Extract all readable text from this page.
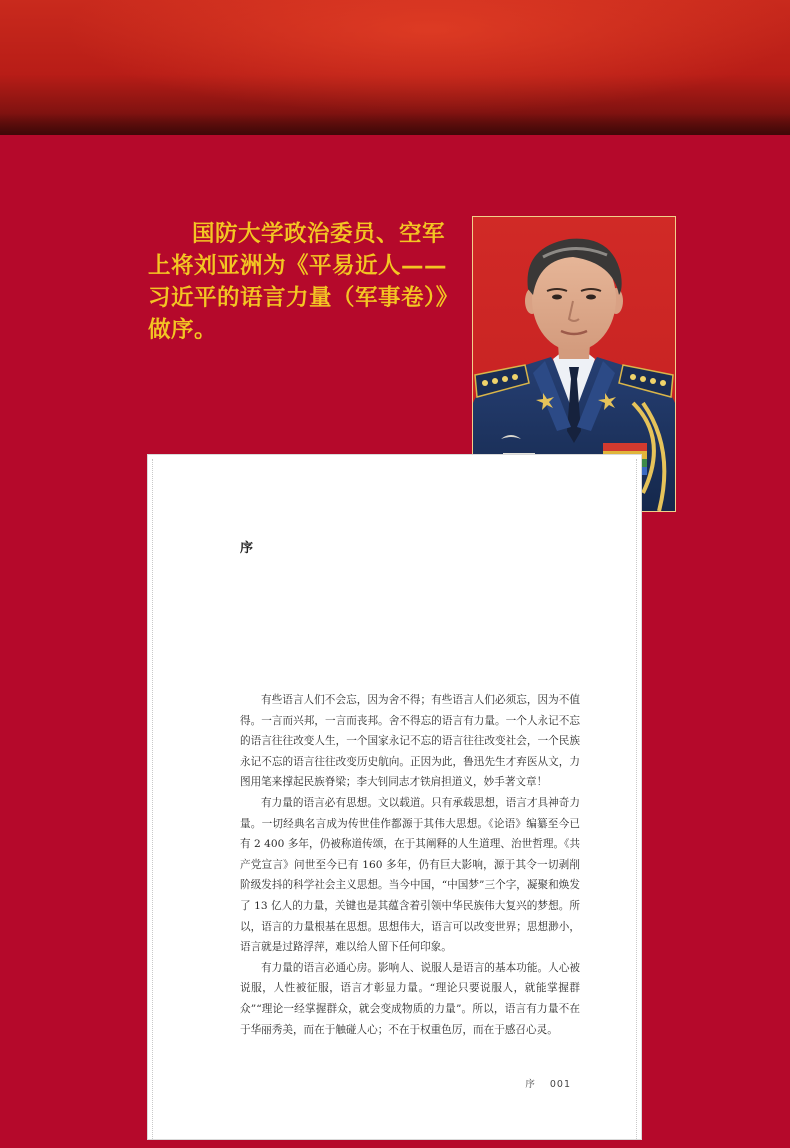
国防大学政治委员、空军上将刘亚洲为《平易近人——习近平的语言力量（军事卷）》做序。

序

有些语言人们不会忘，因为舍不得；有些语言人们必须忘，因为不值得。一言而兴邦，一言而丧邦。舍不得忘的语言有力量。一个人永记不忘的语言往往改变人生，一个国家永记不忘的语言往往改变社会，一个民族永记不忘的语言往往改变历史航向。正因为此，鲁迅先生才弃医从文，力图用笔来撑起民族脊梁；李大钊同志才铁肩担道义，妙手著文章！

有力量的语言必有思想。文以载道。只有承载思想，语言才具神奇力量。一切经典名言成为传世佳作都源于其伟大思想。《论语》编纂至今已有 2 400 多年，仍被称道传颂，在于其阐释的人生道理、治世哲理。《共产党宣言》问世至今已有 160 多年，仍有巨大影响，源于其令一切剥削阶级发抖的科学社会主义思想。当今中国，“中国梦”三个字，凝聚和焕发了 13 亿人的力量，关键也是其蕴含着引领中华民族伟大复兴的梦想。所以，语言的力量根基在思想。思想伟大，语言可以改变世界；思想渺小，语言就是过路浮萍，难以给人留下任何印象。

有力量的语言必通心房。影响人、说服人是语言的基本功能。人心被说服，人性被征服，语言才彰显力量。“理论只要说服人，就能掌握群众”“理论一经掌握群众，就会变成物质的力量”。所以，语言有力量不在于华丽秀美，而在于触碰人心；不在于权重色厉，而在于感召心灵。

序 001
